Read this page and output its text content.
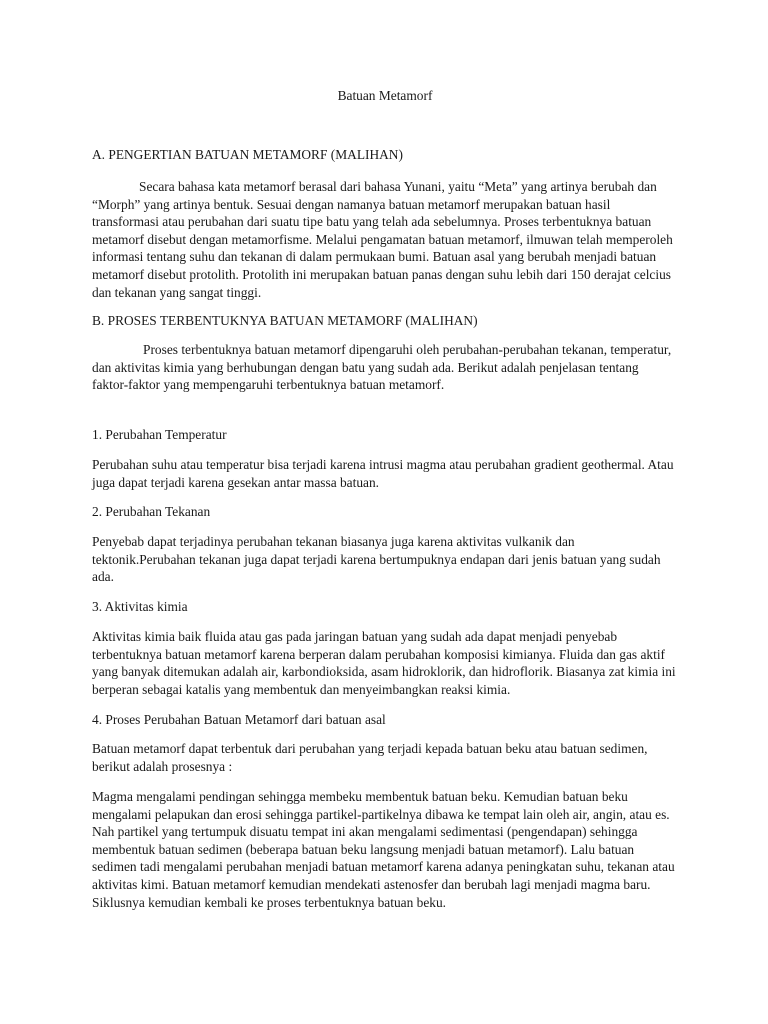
Batuan Metamorf
A. PENGERTIAN BATUAN METAMORF (MALIHAN)

Secara bahasa kata metamorf berasal dari bahasa Yunani, yaitu “Meta” yang artinya berubah dan “Morph” yang artinya bentuk. Sesuai dengan namanya batuan metamorf merupakan batuan hasil transformasi atau perubahan dari suatu tipe batu yang telah ada sebelumnya. Proses terbentuknya batuan metamorf disebut dengan metamorfisme. Melalui pengamatan batuan metamorf, ilmuwan telah memperoleh informasi tentang suhu dan tekanan di dalam permukaan bumi. Batuan asal yang berubah menjadi batuan metamorf disebut protolith. Protolith ini merupakan batuan panas dengan suhu lebih dari 150 derajat celcius dan tekanan yang sangat tinggi.

B. PROSES TERBENTUKNYA BATUAN METAMORF (MALIHAN)

Proses terbentuknya batuan metamorf dipengaruhi oleh perubahan-perubahan tekanan, temperatur, dan aktivitas kimia yang berhubungan dengan batu yang sudah ada. Berikut adalah penjelasan tentang faktor-faktor yang mempengaruhi terbentuknya batuan metamorf.

1. Perubahan Temperatur

Perubahan suhu atau temperatur bisa terjadi karena intrusi magma atau perubahan gradient geothermal. Atau juga dapat terjadi karena gesekan antar massa batuan.

2. Perubahan Tekanan

Penyebab dapat terjadinya perubahan tekanan biasanya juga karena aktivitas vulkanik dan tektonik.Perubahan tekanan juga dapat terjadi karena bertumpuknya endapan dari jenis batuan yang sudah ada.

3. Aktivitas kimia

Aktivitas kimia baik fluida atau gas pada jaringan batuan yang sudah ada dapat menjadi penyebab terbentuknya batuan metamorf karena berperan dalam perubahan komposisi kimianya. Fluida dan gas aktif yang banyak ditemukan adalah air, karbondioksida, asam hidroklorik, dan hidroflorik. Biasanya zat kimia ini berperan sebagai katalis yang membentuk dan menyeimbangkan reaksi kimia.

4. Proses Perubahan Batuan Metamorf dari batuan asal

Batuan metamorf dapat terbentuk dari perubahan yang terjadi kepada batuan beku atau batuan sedimen, berikut adalah prosesnya :

Magma mengalami pendingan sehingga membeku membentuk batuan beku. Kemudian batuan beku mengalami pelapukan dan erosi sehingga partikel-partikelnya dibawa ke tempat lain oleh air, angin, atau es. Nah partikel yang tertumpuk disuatu tempat ini akan mengalami sedimentasi (pengendapan) sehingga membentuk batuan sedimen (beberapa batuan beku langsung menjadi batuan metamorf). Lalu batuan sedimen tadi mengalami perubahan menjadi batuan metamorf karena adanya peningkatan suhu, tekanan atau aktivitas kimi. Batuan metamorf kemudian mendekati astenosfer dan berubah lagi menjadi magma baru. Siklusnya kemudian kembali ke proses terbentuknya batuan beku.
